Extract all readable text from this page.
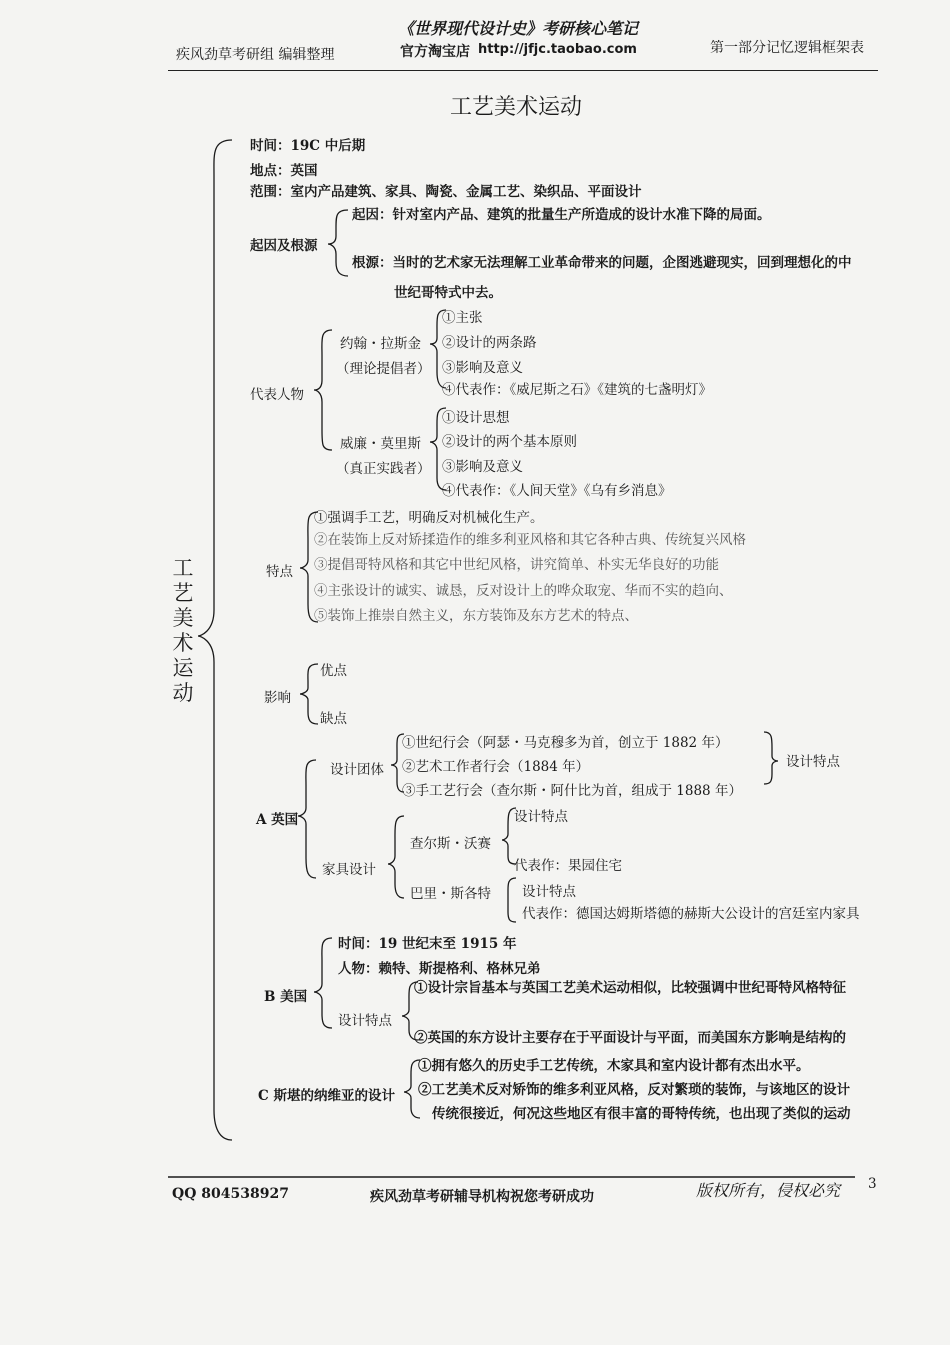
疾风劲草考研组 编辑整理
《世界现代设计史》考研核心笔记
官方淘宝店 http://jfjc.taobao.com	第一部分记忆逻辑框架表
工艺美术运动
工
艺
美
术
运
动
时间：19C 中后期
地点：英国
范围：室内产品建筑、家具、陶瓷、金属工艺、染织品、平面设计
起因及根源
起因：针对室内产品、建筑的批量生产所造成的设计水准下降的局面。
根源：当时的艺术家无法理解工业革命带来的问题，企图逃避现实，回到理想化的中
世纪哥特式中去。
代表人物
约翰・拉斯金
（理论提倡者）
①主张
②设计的两条路
③影响及意义
④代表作：《威尼斯之石》《建筑的七盏明灯》
威廉・莫里斯
（真正实践者）
①设计思想
②设计的两个基本原则
③影响及意义
④代表作：《人间天堂》《乌有乡消息》
特点
①强调手工艺，明确反对机械化生产。
②在装饰上反对矫揉造作的维多利亚风格和其它各种古典、传统复兴风格
③提倡哥特风格和其它中世纪风格，讲究简单、朴实无华良好的功能
④主张设计的诚实、诚恳，反对设计上的哗众取宠、华而不实的趋向、
⑤装饰上推崇自然主义，东方装饰及东方艺术的特点、
影响
优点
缺点
A 英国
设计团体
①世纪行会（阿瑟・马克穆多为首，创立于 1882 年）
②艺术工作者行会（1884 年）
③手工艺行会（查尔斯・阿什比为首，组成于 1888 年）
设计特点
家具设计
查尔斯・沃赛
设计特点
代表作：果园住宅
巴里・斯各特 设计特点
代表作：德国达姆斯塔德的赫斯大公设计的宫廷室内家具
B 美国
时间：19 世纪末至 1915 年
人物：赖特、斯提格利、格林兄弟
设计特点
①设计宗旨基本与英国工艺美术运动相似，比较强调中世纪哥特风格特征
②英国的东方设计主要存在于平面设计与平面，而美国东方影响是结构的
C 斯堪的纳维亚的设计
①拥有悠久的历史手工艺传统，木家具和室内设计都有杰出水平。
②工艺美术反对矫饰的维多利亚风格，反对繁琐的装饰，与该地区的设计
传统很接近，何况这些地区有很丰富的哥特传统，也出现了类似的运动
QQ 804538927	疾风劲草考研辅导机构祝您考研成功	版权所有，侵权必究 3
